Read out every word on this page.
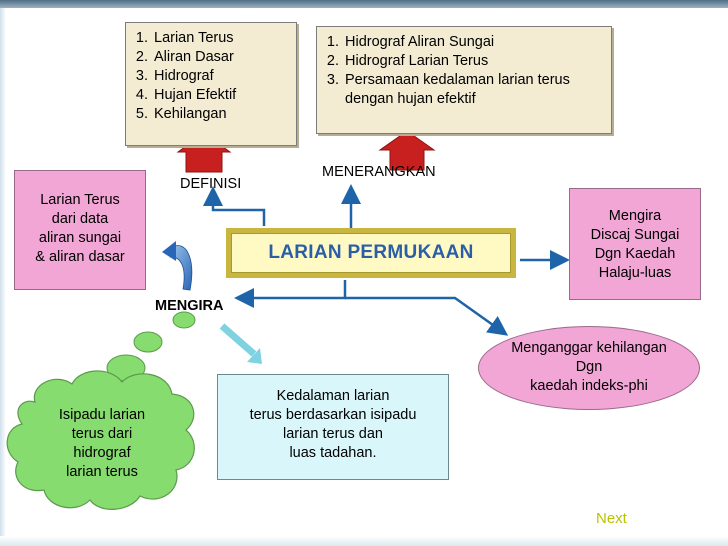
1. Larian Terus
2. Aliran Dasar
3. Hidrograf
4. Hujan Efektif
5. Kehilangan
1. Hidrograf Aliran Sungai
2. Hidrograf Larian Terus
3. Persamaan kedalaman larian terus dengan hujan efektif
DEFINISI
MENERANGKAN
MENGIRA
LARIAN PERMUKAAN
Larian Terus
dari data
aliran sungai
& aliran dasar
Mengira
Discaj Sungai
Dgn Kaedah
Halaju-luas
Menganggar kehilangan
Dgn
kaedah indeks-phi
Kedalaman larian
terus berdasarkan isipadu
larian terus dan
luas tadahan.
Isipadu larian
terus dari
hidrograf
larian terus
Next
